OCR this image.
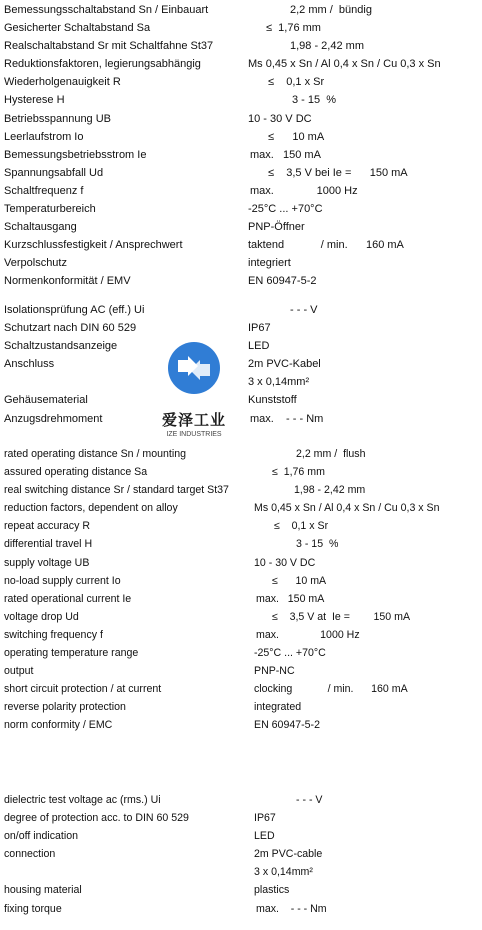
Bemessungsschaltabstand Sn / Einbauart	2,2 mm /  bündig
Gesicherter Schaltabstand Sa	≤  1,76 mm
Realschaltabstand Sr mit Schaltfahne St37	1,98 - 2,42 mm
Reduktionsfaktoren, legierungsabhängig	Ms 0,45 x Sn / Al 0,4 x Sn / Cu 0,3 x Sn
Wiederholgenauigkeit R	≤    0,1 x Sr
Hysterese H	3 - 15  %
Betriebsspannung UB	10 - 30 V DC
Leerlaufstrom Io	≤      10 mA
Bemessungsbetriebsstrom Ie	max.   150 mA
Spannungsabfall Ud	≤    3,5 V bei Ie =      150 mA
Schaltfrequenz f	max.              1000 Hz
Temperaturbereich	-25°C ... +70°C
Schaltausgang	PNP-Öffner
Kurzschlussfestigkeit / Ansprechwert	taktend            / min.      160 mA
Verpolschutz	integriert
Normenkonformität / EMV	EN 60947-5-2
Isolationsprüfung AC (eff.) Ui	- - - V
Schutzart nach DIN 60 529	IP67
Schaltzustandsanzeige	LED
Anschluss	2m PVC-Kabel
3 x 0,14mm²
Gehäusematerial	Kunststoff
Anzugsdrehmoment	max.    - - - Nm
爱泽工业
IZE INDUSTRIES
rated operating distance Sn / mounting	2,2 mm /  flush
assured operating distance Sa	≤  1,76 mm
real switching distance Sr / standard target St37	1,98 - 2,42 mm
reduction factors, dependent on alloy	Ms 0,45 x Sn / Al 0,4 x Sn / Cu 0,3 x Sn
repeat accuracy R	≤    0,1 x Sr
differential travel H	3 - 15  %
supply voltage UB	10 - 30 V DC
no-load supply current Io	≤      10 mA
rated operational current Ie	max.   150 mA
voltage drop Ud	≤    3,5 V at  Ie =        150 mA
switching frequency f	max.              1000 Hz
operating temperature range	-25°C ... +70°C
output	PNP-NC
short circuit protection / at current	clocking            / min.      160 mA
reverse polarity protection	integrated
norm conformity / EMC	EN 60947-5-2
dielectric test voltage ac (rms.) Ui	- - - V
degree of protection acc. to DIN 60 529	IP67
on/off indication	LED
connection	2m PVC-cable
3 x 0,14mm²
housing material	plastics
fixing torque	max.    - - - Nm
